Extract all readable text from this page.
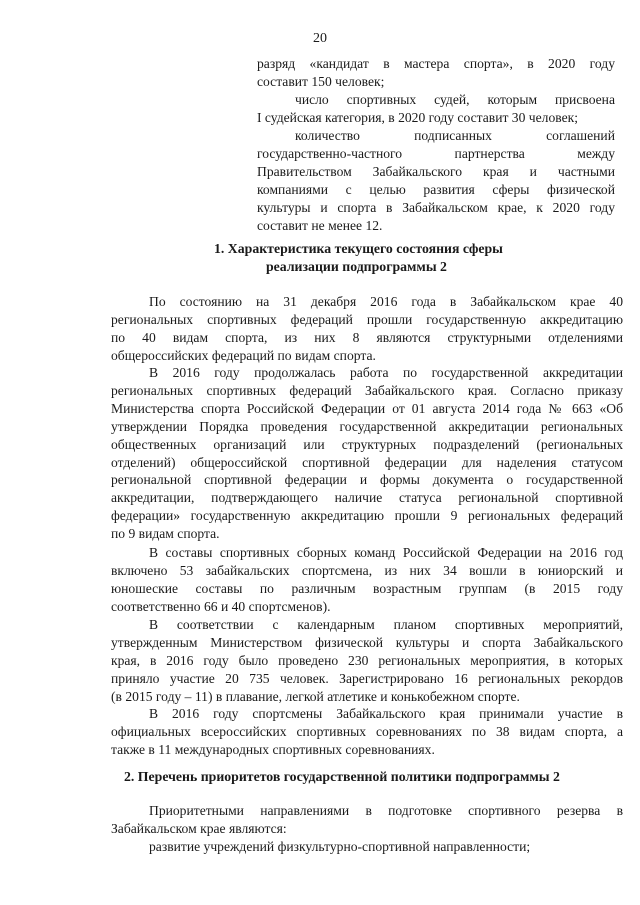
20

разряд «кандидат в мастера спорта», в 2020 году

составит 150 человек;

число спортивных судей, которым присвоена

I судейская категория, в 2020 году составит 30 человек;

количество подписанных соглашений

государственно-частного партнерства между

Правительством Забайкальского края и частными

компаниями с целью развития сферы физической

культуры и спорта в Забайкальском крае, к 2020 году

составит не менее 12.

1. Характеристика текущего состояния сферы
реализации подпрограммы 2

По состоянию на 31 декабря 2016 года в Забайкальском крае 40

региональных спортивных федераций прошли государственную аккредитацию

по 40 видам спорта, из них 8 являются структурными отделениями

общероссийских федераций по видам спорта.

В 2016 году продолжалась работа по государственной аккредитации

региональных спортивных федераций Забайкальского края. Согласно приказу

Министерства спорта Российской Федерации от 01 августа 2014 года № 663 «Об

утверждении Порядка проведения государственной аккредитации региональных

общественных организаций или структурных подразделений (региональных

отделений) общероссийской спортивной федерации для наделения статусом

региональной спортивной федерации и формы документа о государственной

аккредитации, подтверждающего наличие статуса региональной спортивной

федерации» государственную аккредитацию прошли 9 региональных федераций

по 9 видам спорта.

В составы спортивных сборных команд Российской Федерации на 2016 год

включено 53 забайкальских спортсмена, из них 34 вошли в юниорский и

юношеские составы по различным возрастным группам (в 2015 году

соответственно 66 и 40 спортсменов).

В соответствии с календарным планом спортивных мероприятий,

утвержденным Министерством физической культуры и спорта Забайкальского

края, в 2016 году было проведено 230 региональных мероприятия, в которых

приняло участие 20 735 человек. Зарегистрировано 16 региональных рекордов

(в 2015 году – 11) в плавание, легкой атлетике и конькобежном спорте.

В 2016 году спортсмены Забайкальского края принимали участие в

официальных всероссийских спортивных соревнованиях по 38 видам спорта, а

также в 11 международных спортивных соревнованиях.

2. Перечень приоритетов государственной политики подпрограммы 2

Приоритетными направлениями в подготовке спортивного резерва в

Забайкальском крае являются:

развитие учреждений физкультурно-спортивной направленности;
